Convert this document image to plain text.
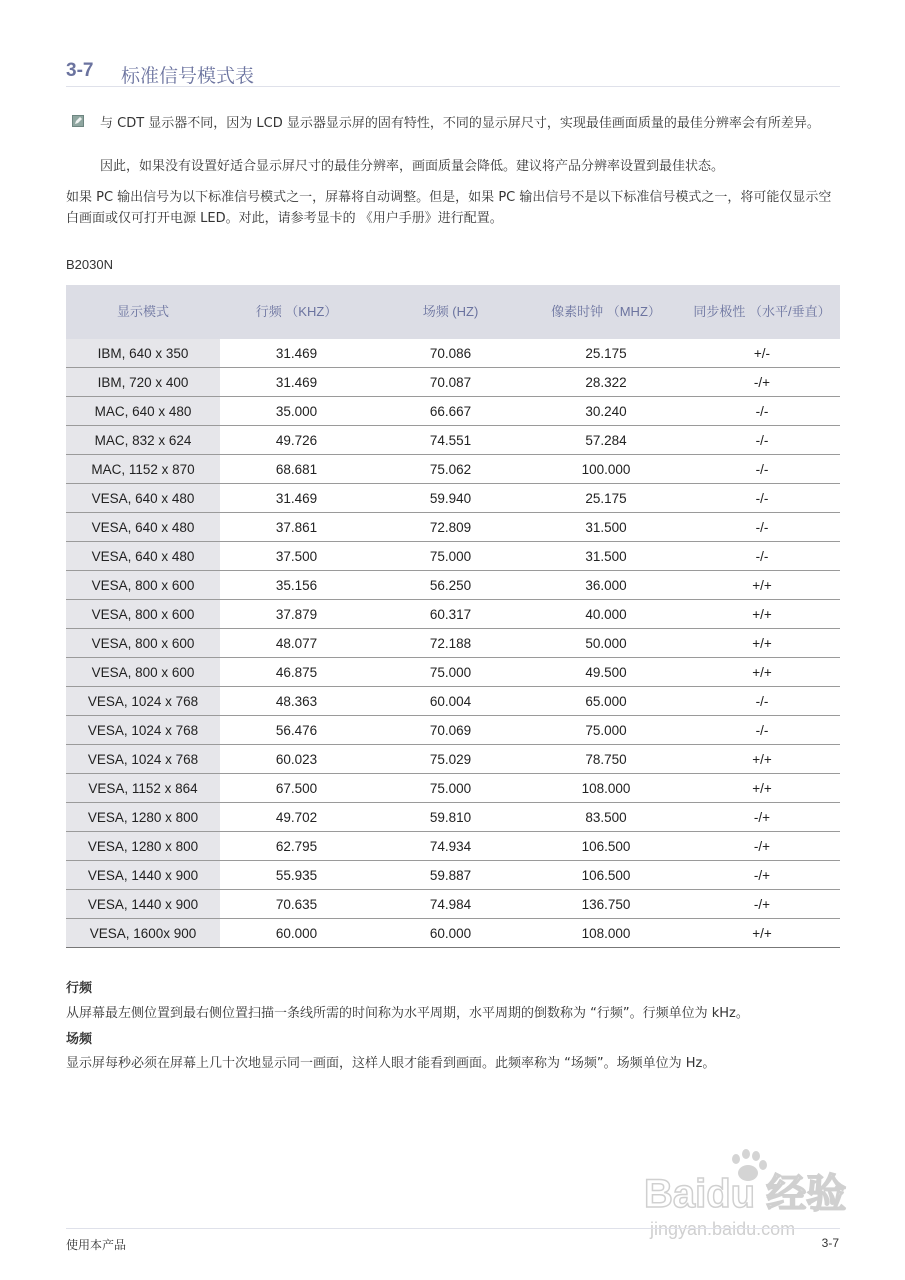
3-7 标准信号模式表
与 CDT 显示器不同，因为 LCD 显示器显示屏的固有特性，不同的显示屏尺寸，实现最佳画面质量的最佳分辨率会有所差异。
因此，如果没有设置好适合显示屏尺寸的最佳分辨率，画面质量会降低。建议将产品分辨率设置到最佳状态。
如果 PC 输出信号为以下标准信号模式之一，屏幕将自动调整。但是，如果 PC 输出信号不是以下标准信号模式之一，将可能仅显示空白画面或仅可打开电源 LED。对此，请参考显卡的 《用户手册》进行配置。
B2030N
显示模式	行频 （KHZ）	场频 (HZ)	像素时钟 （MHZ）	同步极性 （水平/垂直）
IBM, 640 x 350	31.469	70.086	25.175	+/-
IBM, 720 x 400	31.469	70.087	28.322	-/+
MAC, 640 x 480	35.000	66.667	30.240	-/-
MAC, 832 x 624	49.726	74.551	57.284	-/-
MAC, 1152 x 870	68.681	75.062	100.000	-/-
VESA, 640 x 480	31.469	59.940	25.175	-/-
VESA, 640 x 480	37.861	72.809	31.500	-/-
VESA, 640 x 480	37.500	75.000	31.500	-/-
VESA, 800 x 600	35.156	56.250	36.000	+/+
VESA, 800 x 600	37.879	60.317	40.000	+/+
VESA, 800 x 600	48.077	72.188	50.000	+/+
VESA, 800 x 600	46.875	75.000	49.500	+/+
VESA, 1024 x 768	48.363	60.004	65.000	-/-
VESA, 1024 x 768	56.476	70.069	75.000	-/-
VESA, 1024 x 768	60.023	75.029	78.750	+/+
VESA, 1152 x 864	67.500	75.000	108.000	+/+
VESA, 1280 x 800	49.702	59.810	83.500	-/+
VESA, 1280 x 800	62.795	74.934	106.500	-/+
VESA, 1440 x 900	55.935	59.887	106.500	-/+
VESA, 1440 x 900	70.635	74.984	136.750	-/+
VESA, 1600x 900	60.000	60.000	108.000	+/+
行频
从屏幕最左侧位置到最右侧位置扫描一条线所需的时间称为水平周期，水平周期的倒数称为 “行频”。行频单位为 kHz。
场频
显示屏每秒必须在屏幕上几十次地显示同一画面，这样人眼才能看到画面。此频率称为 “场频”。场频单位为 Hz。
Baidu 经验
jingyan.baidu.com
使用本产品	3-7
